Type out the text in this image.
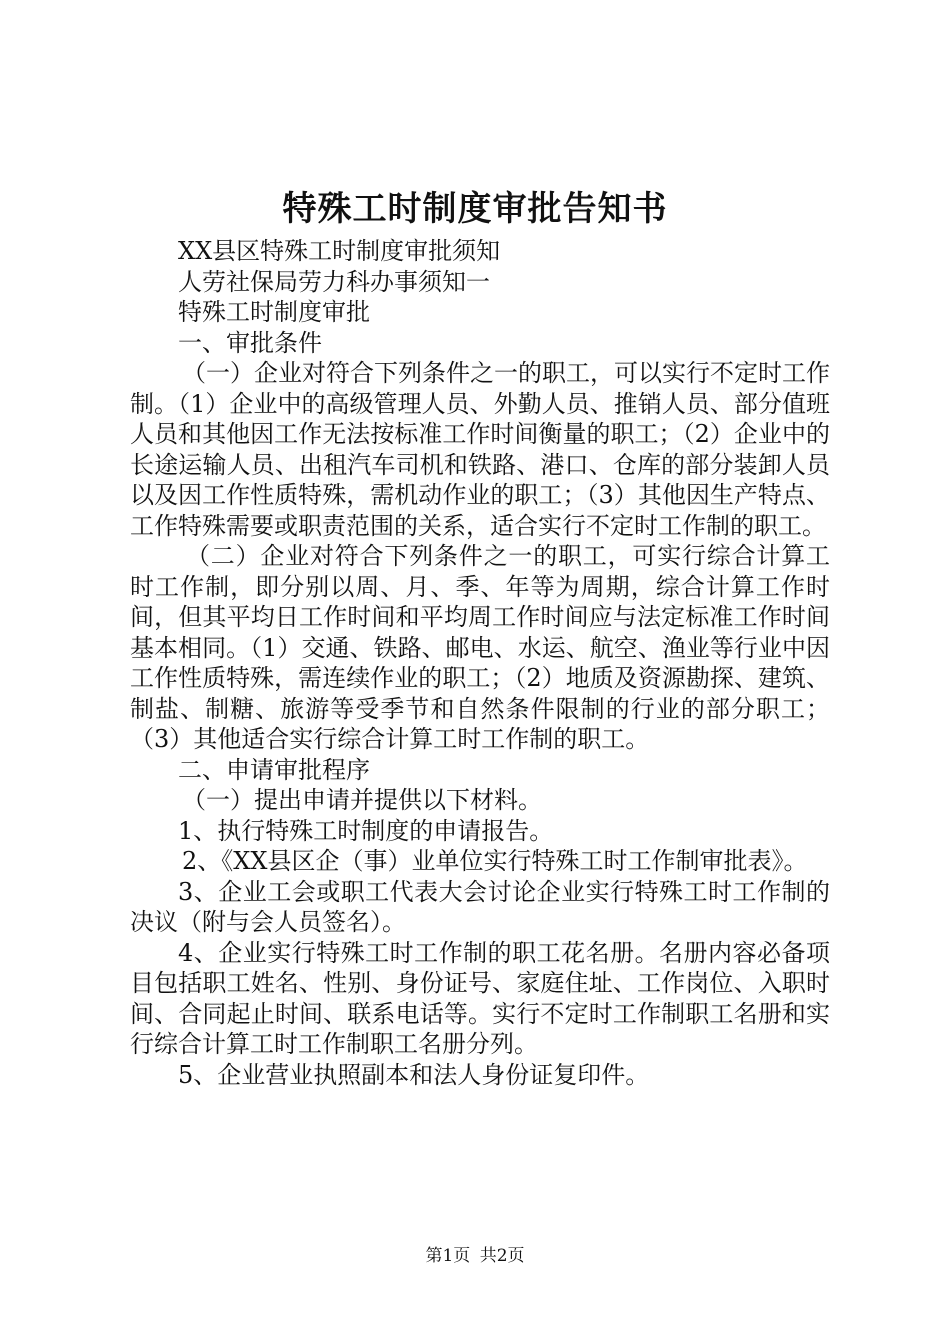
特殊工时制度审批告知书

XX县区特殊工时制度审批须知

人劳社保局劳力科办事须知一

特殊工时制度审批

一、审批条件

（一）企业对符合下列条件之一的职工，可以实行不定时工作制。（1）企业中的高级管理人员、外勤人员、推销人员、部分值班人员和其他因工作无法按标准工作时间衡量的职工；（2）企业中的长途运输人员、出租汽车司机和铁路、港口、仓库的部分装卸人员以及因工作性质特殊，需机动作业的职工；（3）其他因生产特点、工作特殊需要或职责范围的关系，适合实行不定时工作制的职工。

（二）企业对符合下列条件之一的职工，可实行综合计算工时工作制，即分别以周、月、季、年等为周期，综合计算工作时间，但其平均日工作时间和平均周工作时间应与法定标准工作时间基本相同。（1）交通、铁路、邮电、水运、航空、渔业等行业中因工作性质特殊，需连续作业的职工；（2）地质及资源勘探、建筑、制盐、制糖、旅游等受季节和自然条件限制的行业的部分职工；（3）其他适合实行综合计算工时工作制的职工。

二、申请审批程序

（一）提出申请并提供以下材料。

1、执行特殊工时制度的申请报告。

2、《XX县区企（事）业单位实行特殊工时工作制审批表》。

3、企业工会或职工代表大会讨论企业实行特殊工时工作制的决议（附与会人员签名）。

4、企业实行特殊工时工作制的职工花名册。名册内容必备项目包括职工姓名、性别、身份证号、家庭住址、工作岗位、入职时间、合同起止时间、联系电话等。实行不定时工作制职工名册和实行综合计算工时工作制职工名册分列。

5、企业营业执照副本和法人身份证复印件。

第1页 共2页
